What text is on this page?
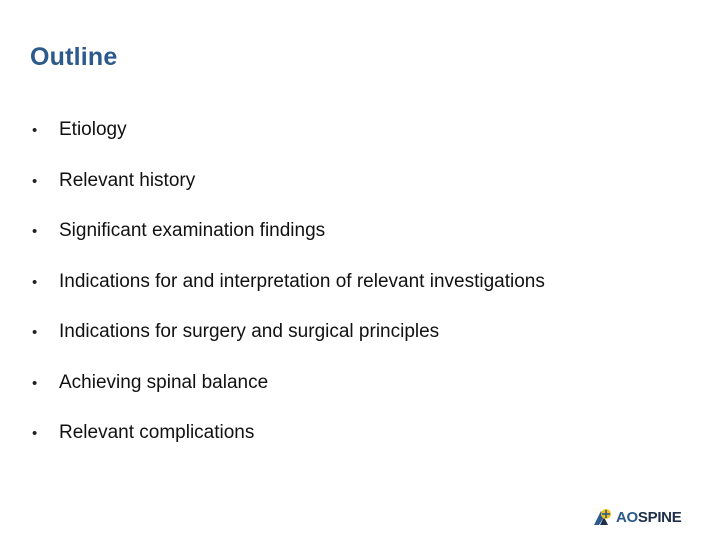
Outline
•	Etiology
•	Relevant history
•	Significant examination findings
•	Indications for and interpretation of relevant investigations
•	Indications for surgery and surgical principles
•	Achieving spinal balance
•	Relevant complications
AOSPINE
